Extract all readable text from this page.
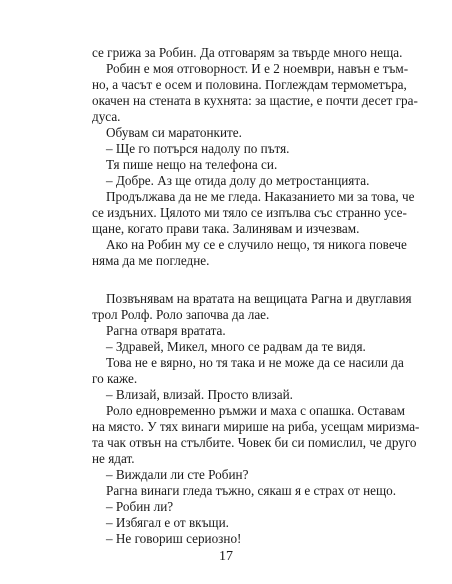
се грижа за Робин. Да отговарям за твърде много неща.
Робин е моя отговорност. И е 2 ноември, навън е тъм-
но, а часът е осем и половина. Поглеждам термометъра,
окачен на стената в кухнята: за щастие, е почти десет гра-
дуса.
Обувам си маратонките.
– Ще го потърся надолу по пътя.
Тя пише нещо на телефона си.
– Добре. Аз ще отида долу до метростанцията.
Продължава да не ме гледа. Наказанието ми за това, че
се издъних. Цялото ми тяло се изпълва със странно усе-
щане, когато прави така. Залинявам и изчезвам.
Ако на Робин му се е случило нещо, тя никога повече
няма да ме погледне.
Позвънявам на вратата на вещицата Рагна и двуглавия
трол Ролф. Роло започва да лае.
Рагна отваря вратата.
– Здравей, Микел, много се радвам да те видя.
Това не е вярно, но тя така и не може да се насили да
го каже.
– Влизай, влизай. Просто влизай.
Роло едновременно ръмжи и маха с опашка. Оставам
на място. У тях винаги мирише на риба, усещам миризма-
та чак отвън на стълбите. Човек би си помислил, че друго
не ядат.
– Виждали ли сте Робин?
Рагна винаги гледа тъжно, сякаш я е страх от нещо.
– Робин ли?
– Избягал е от вкъщи.
– Не говориш сериозно!
17
